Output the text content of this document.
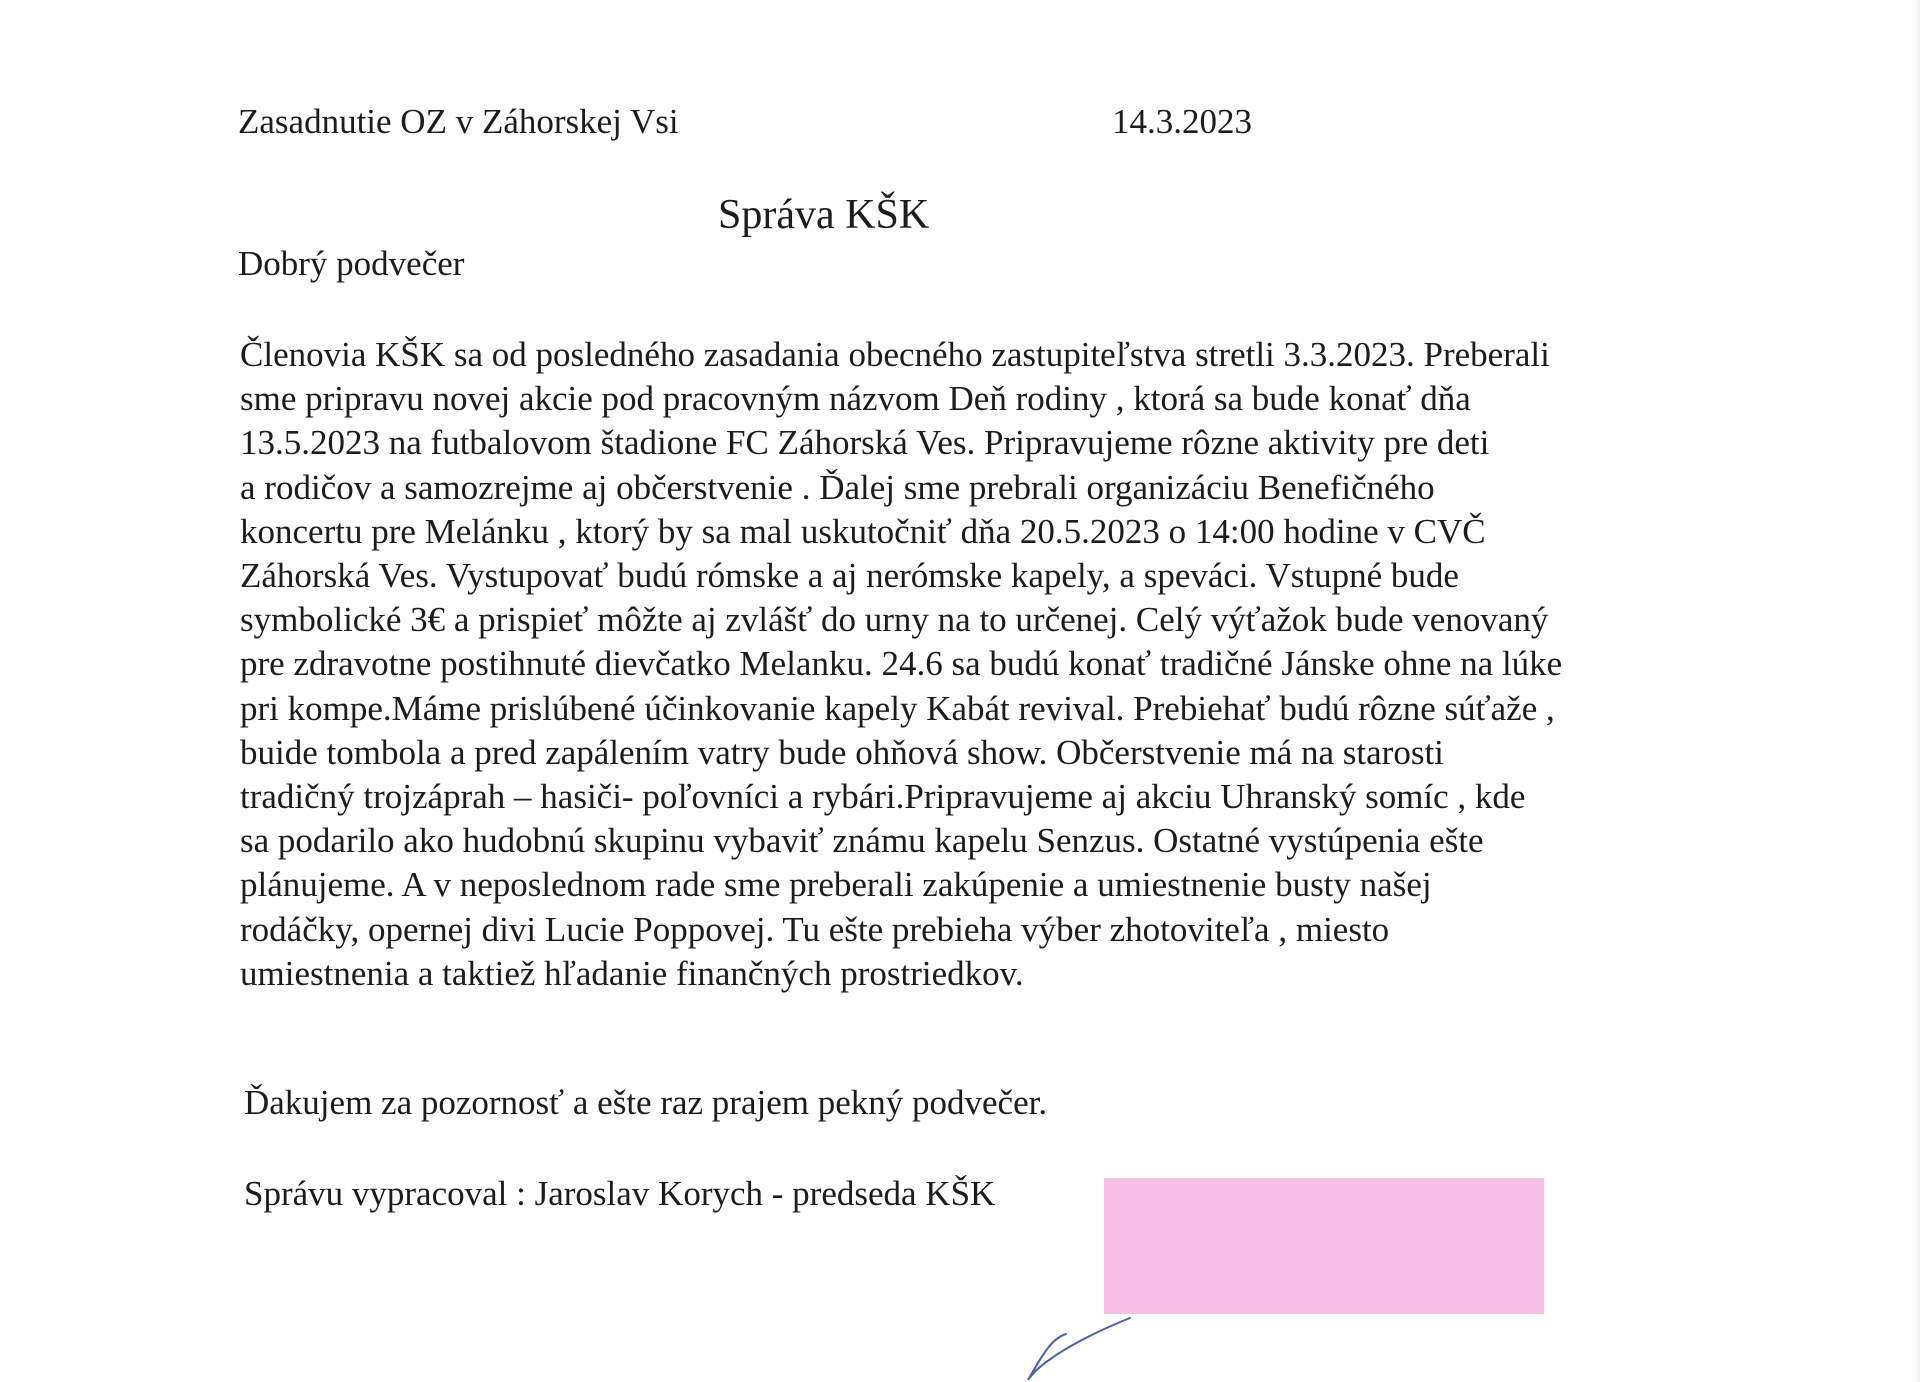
Zasadnutie OZ v Záhorskej Vsi	14.3.2023
Správa KŠK
Dobrý podvečer
Členovia KŠK sa od posledného zasadania obecného zastupiteľstva stretli 3.3.2023. Preberali
sme pripravu novej akcie pod pracovným názvom Deň rodiny , ktorá sa bude konať dňa
13.5.2023 na futbalovom štadione FC Záhorská Ves. Pripravujeme rôzne aktivity pre deti
a rodičov a samozrejme aj občerstvenie . Ďalej sme prebrali organizáciu Benefičného
koncertu pre Melánku , ktorý by sa mal uskutočniť dňa 20.5.2023 o 14:00 hodine v CVČ
Záhorská Ves. Vystupovať budú rómske a aj nerómske kapely, a speváci. Vstupné bude
symbolické 3€ a prispieť môžte aj zvlášť do urny na to určenej. Celý výťažok bude venovaný
pre zdravotne postihnuté dievčatko Melanku. 24.6 sa budú konať tradičné Jánske ohne na lúke
pri kompe.Máme prislúbené účinkovanie kapely Kabát revival. Prebiehať budú rôzne súťaže ,
buide tombola a pred zapálením vatry bude ohňová show. Občerstvenie má na starosti
tradičný trojzáprah – hasiči- poľovníci a rybári.Pripravujeme aj akciu Uhranský somíc , kde
sa podarilo ako hudobnú skupinu vybaviť známu kapelu Senzus. Ostatné vystúpenia ešte
plánujeme. A v neposlednom rade sme preberali zakúpenie a umiestnenie busty našej
rodáčky, opernej divi Lucie Poppovej. Tu ešte prebieha výber zhotoviteľa , miesto
umiestnenia a taktiež hľadanie finančných prostriedkov.
Ďakujem za pozornosť a ešte raz prajem pekný podvečer.
Správu vypracoval : Jaroslav Korych - predseda KŠK
